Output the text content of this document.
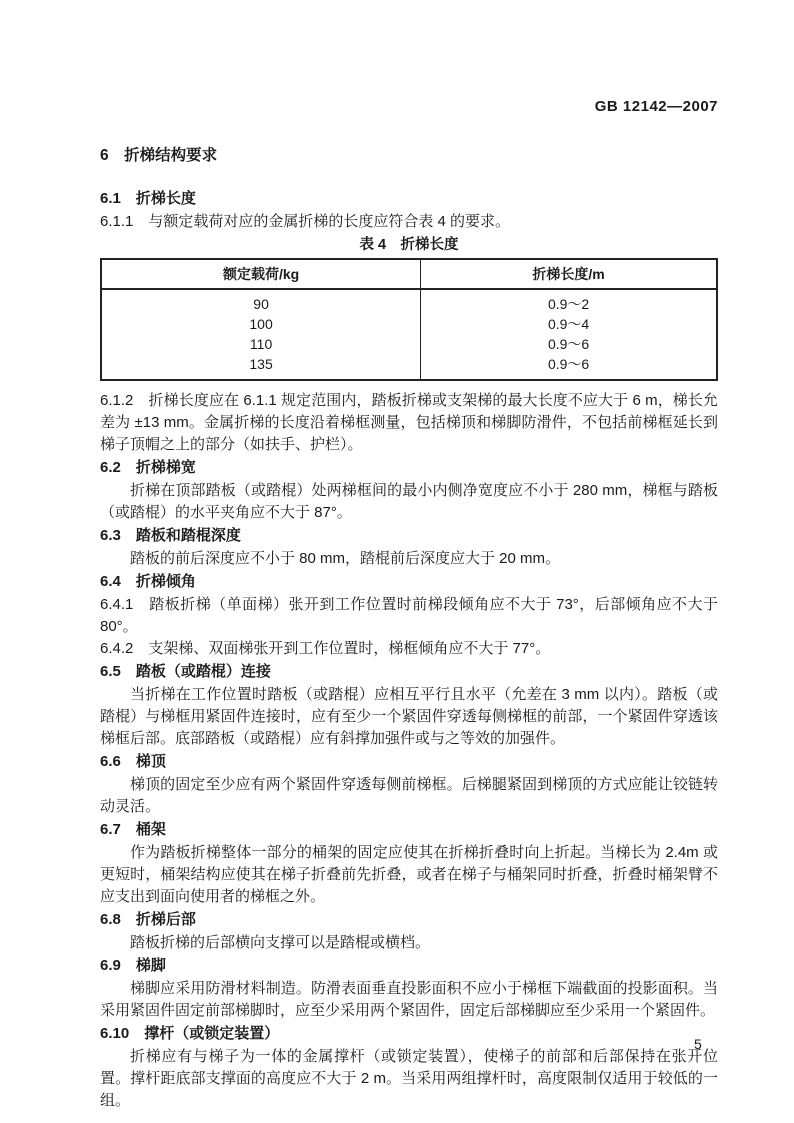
GB 12142—2007
6　折梯结构要求
6.1　折梯长度

6.1.1　与额定载荷对应的金属折梯的长度应符合表 4 的要求。

表 4　折梯长度
额定载荷/kg	折梯长度/m
90	0.9～2
100	0.9～4
110	0.9～6
135	0.9～6

6.1.2　折梯长度应在 6.1.1 规定范围内，踏板折梯或支架梯的最大长度不应大于 6 m，梯长允差为 ±13 mm。金属折梯的长度沿着梯框测量，包括梯顶和梯脚防滑件，不包括前梯框延长到梯子顶帽之上的部分（如扶手、护栏）。

6.2　折梯梯宽

折梯在顶部踏板（或踏棍）处两梯框间的最小内侧净宽度应不小于 280 mm，梯框与踏板（或踏棍）的水平夹角应不大于 87°。

6.3　踏板和踏棍深度

踏板的前后深度应不小于 80 mm，踏棍前后深度应大于 20 mm。

6.4　折梯倾角

6.4.1　踏板折梯（单面梯）张开到工作位置时前梯段倾角应不大于 73°，后部倾角应不大于 80°。

6.4.2　支架梯、双面梯张开到工作位置时，梯框倾角应不大于 77°。

6.5　踏板（或踏棍）连接

当折梯在工作位置时踏板（或踏棍）应相互平行且水平（允差在 3 mm 以内）。踏板（或踏棍）与梯框用紧固件连接时，应有至少一个紧固件穿透每侧梯框的前部，一个紧固件穿透该梯框后部。底部踏板（或踏棍）应有斜撑加强件或与之等效的加强件。

6.6　梯顶

梯顶的固定至少应有两个紧固件穿透每侧前梯框。后梯腿紧固到梯顶的方式应能让铰链转动灵活。

6.7　桶架

作为踏板折梯整体一部分的桶架的固定应使其在折梯折叠时向上折起。当梯长为 2.4m 或更短时，桶架结构应使其在梯子折叠前先折叠，或者在梯子与桶架同时折叠，折叠时桶架臂不应支出到面向使用者的梯框之外。

6.8　折梯后部

踏板折梯的后部横向支撑可以是踏棍或横档。

6.9　梯脚

梯脚应采用防滑材料制造。防滑表面垂直投影面积不应小于梯框下端截面的投影面积。当采用紧固件固定前部梯脚时，应至少采用两个紧固件，固定后部梯脚应至少采用一个紧固件。

6.10　撑杆（或锁定装置）

折梯应有与梯子为一体的金属撑杆（或锁定装置），使梯子的前部和后部保持在张开位置。撑杆距底部支撑面的高度应不大于 2 m。当采用两组撑杆时，高度限制仅适用于较低的一组。

5
